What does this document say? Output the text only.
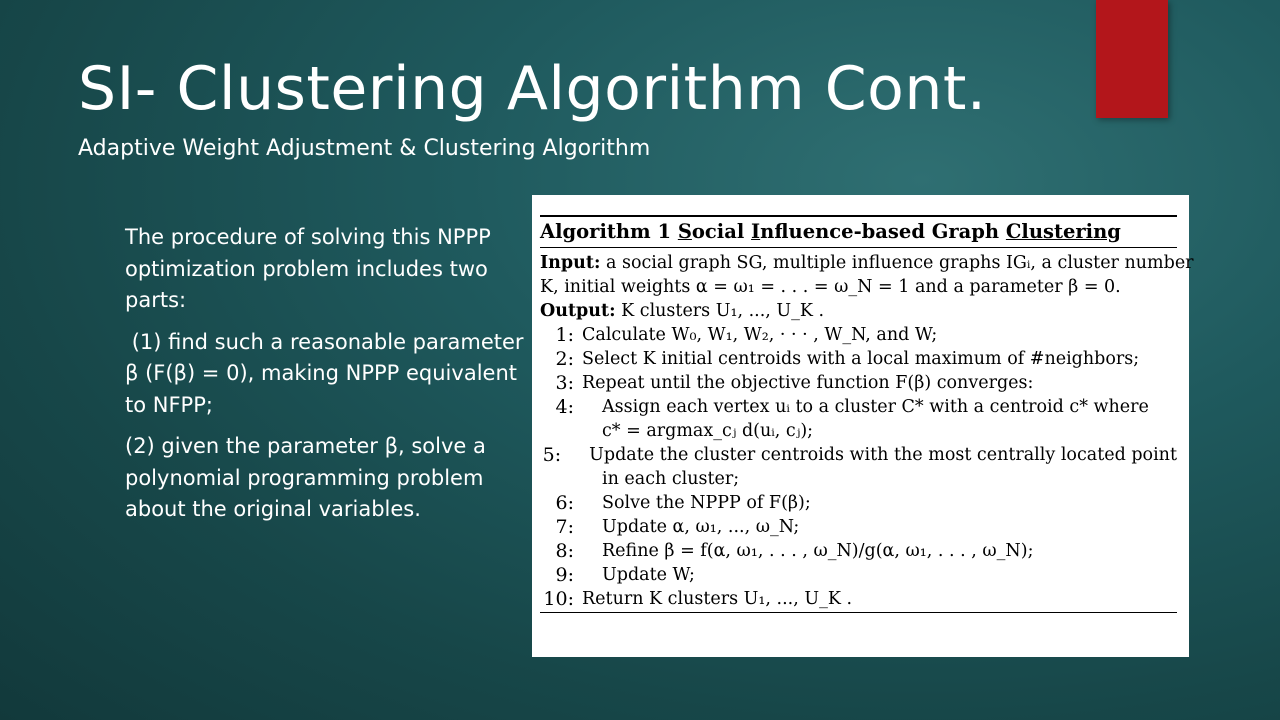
SI- Clustering Algorithm Cont.
Adaptive Weight Adjustment & Clustering Algorithm

The procedure of solving this NPPP optimization problem includes two parts:

(1) find such a reasonable parameter β (F(β) = 0), making NPPP equivalent to NFPP;

(2) given the parameter β, solve a polynomial programming problem about the original variables.

Algorithm 1 Social Influence-based Graph Clustering
Input: a social graph SG, multiple influence graphs IGᵢ, a cluster number
K, initial weights α = ω₁ = . . . = ω_N = 1 and a parameter β = 0.
Output: K clusters U₁, ..., U_K .
1: Calculate W₀, W₁, W₂, · · · , W_N, and W;
2: Select K initial centroids with a local maximum of #neighbors;
3: Repeat until the objective function F(β) converges:
4:	Assign each vertex uᵢ to a cluster C* with a centroid c* where
c* = argmax_cⱼ d(uᵢ, cⱼ);
5:	Update the cluster centroids with the most centrally located point
in each cluster;
6:	Solve the NPPP of F(β);
7:	Update α, ω₁, ..., ω_N;
8:	Refine β = f(α, ω₁, . . . , ω_N)/g(α, ω₁, . . . , ω_N);
9:	Update W;
10: Return K clusters U₁, ..., U_K .
